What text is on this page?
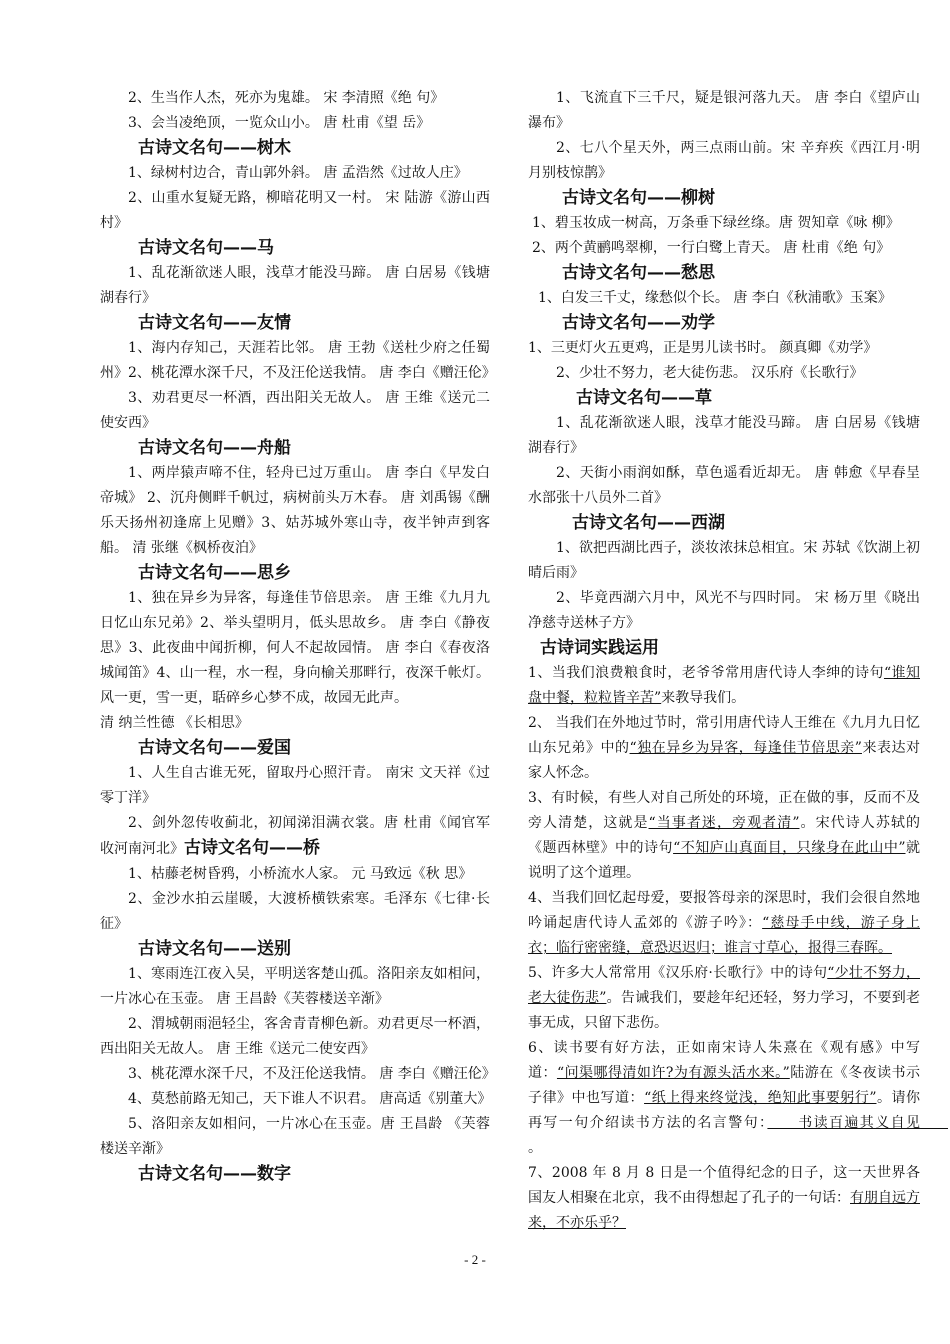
2、生当作人杰，死亦为鬼雄。 宋 李清照《绝 句》

3、会当凌绝顶，一览众山小。 唐 杜甫《望 岳》

古诗文名句——树木

1、绿树村边合，青山郭外斜。 唐 孟浩然《过故人庄》

2、山重水复疑无路，柳暗花明又一村。 宋 陆游《游山西村》

古诗文名句——马

1、乱花渐欲迷人眼，浅草才能没马蹄。 唐 白居易《钱塘湖春行》

古诗文名句——友情

1、海内存知己，天涯若比邻。 唐 王勃《送杜少府之任蜀州》2、桃花潭水深千尺，不及汪伦送我情。 唐 李白《赠汪伦》

3、劝君更尽一杯酒，西出阳关无故人。 唐 王维《送元二使安西》

古诗文名句——舟船

1、两岸猿声啼不住，轻舟已过万重山。 唐 李白《早发白帝城》 2、沉舟侧畔千帆过，病树前头万木春。 唐 刘禹锡《酬乐天扬州初逢席上见赠》3、姑苏城外寒山寺，夜半钟声到客船。 清 张继《枫桥夜泊》

古诗文名句——思乡

1、独在异乡为异客，每逢佳节倍思亲。 唐 王维《九月九日忆山东兄弟》2、举头望明月，低头思故乡。 唐 李白《静夜思》3、此夜曲中闻折柳，何人不起故园情。 唐 李白《春夜洛城闻笛》4、山一程，水一程，身向榆关那畔行，夜深千帐灯。风一更，雪一更，聒碎乡心梦不成，故园无此声。

清 纳兰性德 《长相思》

古诗文名句——爱国

1、人生自古谁无死，留取丹心照汗青。 南宋 文天祥《过零丁洋》

2、剑外忽传收蓟北，初闻涕泪满衣裳。唐 杜甫《闻官军收河南河北》古诗文名句——桥

1、枯藤老树昏鸦，小桥流水人家。 元 马致远《秋 思》

2、金沙水拍云崖暖，大渡桥横铁索寒。毛泽东《七律·长征》

古诗文名句——送别

1、寒雨连江夜入吴，平明送客楚山孤。洛阳亲友如相问，一片冰心在玉壶。 唐 王昌龄《芙蓉楼送辛渐》

2、渭城朝雨浥轻尘，客舍青青柳色新。劝君更尽一杯酒，西出阳关无故人。 唐 王维《送元二使安西》

3、桃花潭水深千尺，不及汪伦送我情。 唐 李白《赠汪伦》

4、莫愁前路无知己，天下谁人不识君。 唐高适《别董大》

5、洛阳亲友如相问，一片冰心在玉壶。唐 王昌龄 《芙蓉楼送辛渐》

古诗文名句——数字

1、飞流直下三千尺，疑是银河落九天。 唐 李白《望庐山瀑布》

2、七八个星天外，两三点雨山前。宋 辛弃疾《西江月·明月别枝惊鹊》

古诗文名句——柳树

1、碧玉妆成一树高，万条垂下绿丝绦。唐 贺知章《咏 柳》

2、两个黄鹂鸣翠柳，一行白鹭上青天。 唐 杜甫《绝 句》

古诗文名句——愁思

1、白发三千丈，缘愁似个长。 唐 李白《秋浦歌》玉案》

古诗文名句——劝学

1、三更灯火五更鸡，正是男儿读书时。 颜真卿《劝学》

2、少壮不努力，老大徒伤悲。 汉乐府《长歌行》

古诗文名句——草

1、乱花渐欲迷人眼，浅草才能没马蹄。 唐 白居易《钱塘湖春行》

2、天街小雨润如酥，草色遥看近却无。 唐 韩愈《早春呈水部张十八员外二首》

古诗文名句——西湖

1、欲把西湖比西子，淡妆浓抹总相宜。宋 苏轼《饮湖上初晴后雨》

2、毕竟西湖六月中，风光不与四时同。 宋 杨万里《晓出净慈寺送林子方》

古诗词实践运用

1、当我们浪费粮食时，老爷爷常用唐代诗人李绅的诗句“谁知盘中餐，粒粒皆辛苦”来教导我们。

2、 当我们在外地过节时，常引用唐代诗人王维在《九月九日忆山东兄弟》中的“独在异乡为异客，每逢佳节倍思亲”来表达对家人怀念。

3、有时候，有些人对自己所处的环境，正在做的事，反而不及旁人清楚，这就是“当事者迷，旁观者清”。宋代诗人苏轼的《题西林壁》中的诗句“不知庐山真面目，只缘身在此山中”就说明了这个道理。

4、当我们回忆起母爱，要报答母亲的深思时，我们会很自然地吟诵起唐代诗人孟郊的《游子吟》：“慈母手中线，游子身上衣；临行密密缝，意恐迟迟归；谁言寸草心，报得三春晖。

5、许多大人常常用《汉乐府·长歌行》中的诗句“少壮不努力，老大徒伤悲”。告诫我们，要趁年纪还轻，努力学习，不要到老事无成，只留下悲伤。

6、读书要有好方法，正如南宋诗人朱熹在《观有感》中写道：“问渠哪得清如许?为有源头活水来。”陆游在《冬夜读书示子律》中也写道：“纸上得来终觉浅，绝知此事要躬行”。请你再写一句介绍读书方法的名言警句：　　书读百遍其义自见　　。

7、2008 年 8 月 8 日是一个值得纪念的日子，这一天世界各国友人相聚在北京，我不由得想起了孔子的一句话：有朋自远方来，不亦乐乎？

- 2 -
